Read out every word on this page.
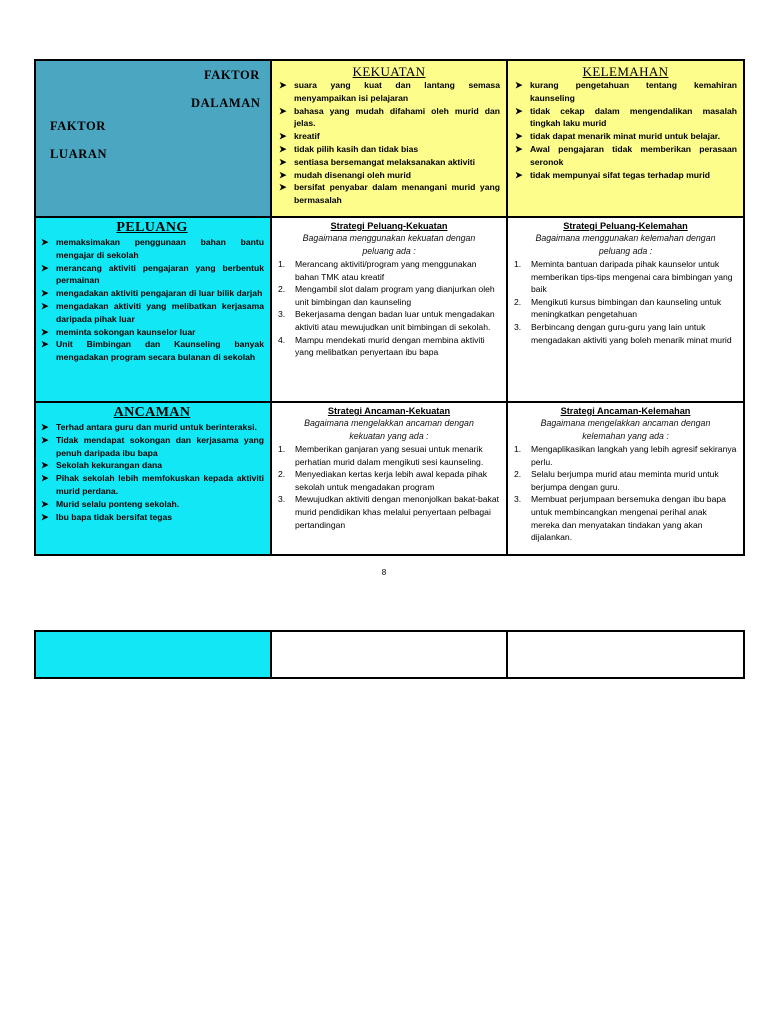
FAKTOR
DALAMAN
FAKTOR
LUARAN
KEKUATAN
➤ suara yang kuat dan lantang semasa menyampaikan isi pelajaran
➤ bahasa yang mudah difahami oleh murid dan jelas.
➤ kreatif
➤ tidak pilih kasih dan tidak bias
➤ sentiasa bersemangat melaksanakan aktiviti
➤ mudah disenangi oleh murid
➤ bersifat penyabar dalam menangani murid yang bermasalah
KELEMAHAN
➤ kurang pengetahuan tentang kemahiran kaunseling
➤ tidak cekap dalam mengendalikan masalah tingkah laku murid
➤ tidak dapat menarik minat murid untuk belajar.
➤ Awal pengajaran tidak memberikan perasaan seronok
➤ tidak mempunyai sifat tegas terhadap murid
PELUANG
➤ memaksimakan penggunaan bahan bantu mengajar di sekolah
➤ merancang aktiviti pengajaran yang berbentuk permainan
➤ mengadakan aktiviti pengajaran di luar bilik darjah
➤ mengadakan aktiviti yang melibatkan kerjasama daripada pihak luar
➤ meminta sokongan kaunselor luar
➤ Unit Bimbingan dan Kaunseling banyak mengadakan program secara bulanan di sekolah
Strategi Peluang-Kekuatan
Bagaimana menggunakan kekuatan dengan peluang ada :
1. Merancang aktiviti/program yang menggunakan bahan TMK atau kreatif
2. Mengambil slot dalam program yang dianjurkan oleh unit bimbingan dan kaunseling
3. Bekerjasama dengan badan luar untuk mengadakan aktiviti atau mewujudkan unit bimbingan di sekolah.
4. Mampu mendekati murid dengan membina aktiviti yang melibatkan penyertaan ibu bapa
Strategi Peluang-Kelemahan
Bagaimana menggunakan kelemahan dengan peluang ada :
1. Meminta bantuan daripada pihak kaunselor untuk memberikan tips-tips mengenai cara bimbingan yang baik
2. Mengikuti kursus bimbingan dan kaunseling untuk meningkatkan pengetahuan
3. Berbincang dengan guru-guru yang lain untuk mengadakan aktiviti yang boleh menarik minat murid
ANCAMAN
➤ Terhad antara guru dan murid untuk berinteraksi.
➤ Tidak mendapat sokongan dan kerjasama yang penuh daripada ibu bapa
➤ Sekolah kekurangan dana
➤ Pihak sekolah lebih memfokuskan kepada aktiviti murid perdana.
➤ Murid selalu ponteng sekolah.
➤ Ibu bapa tidak bersifat tegas
Strategi Ancaman-Kekuatan
Bagaimana mengelakkan ancaman dengan kekuatan yang ada :
1. Memberikan ganjaran yang sesuai untuk menarik perhatian murid dalam mengikuti sesi kaunseling.
2. Menyediakan kertas kerja lebih awal kepada pihak sekolah untuk mengadakan program
3. Mewujudkan aktiviti dengan menonjolkan bakat-bakat murid pendidikan khas melalui penyertaan pelbagai pertandingan
Strategi Ancaman-Kelemahan
Bagaimana mengelakkan ancaman dengan kelemahan yang ada :
1. Mengaplikasikan langkah yang lebih agresif sekiranya perlu.
2. Selalu berjumpa murid atau meminta murid untuk berjumpa dengan guru.
3. Membuat perjumpaan bersemuka dengan ibu bapa untuk membincangkan mengenai perihal anak mereka dan menyatakan tindakan yang akan dijalankan.
8
